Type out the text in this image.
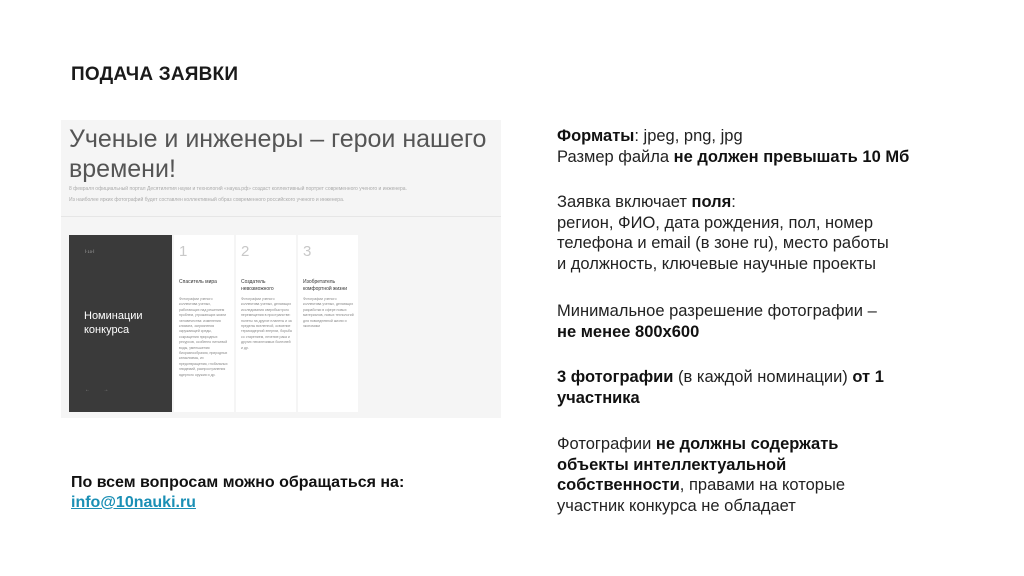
ПОДАЧА ЗАЯВКИ
Ученые и инженеры – герои нашего времени!
8 февраля официальный портал Десятилетия науки и технологий «наука.рф» создаст коллективный портрет современного ученого и инженера.
Из наиболее ярких фотографий будет составлен коллективный образ современного российского ученого и инженера.
Ⅰ·10·Ⅰ
Номинации конкурса
← →
1
Спаситель мира
Фотографии ученого коллектива ученых, работающих над решением проблем, угрожающих жизни человечества: изменения климата, загрязнения окружающей среды, сокращения природных ресурсов, особенно питьевой воды, уменьшения биоразнообразия, природных катаклизмы, их предотвращения, глобальных эпидемий, распространения ядерного оружия и др.
2
Создатель невозможного
Фотографии ученого коллектива ученых, делающих исследования сверхбыстрого перемещения в пространстве: полеты на другие планеты и за пределы вселенной, освоение термоядерной энергии, борьба со старением, лечение рака и других неизлечимых болезней и др.
3
Изобретатель комфортной жизни
Фотографии ученого коллектива ученых, делающих разработки в сфере новых материалов, новых технологий для повседневной жизни и экономики
Форматы: jpeg, png, jpg
Размер файла не должен превышать 10 Мб
Заявка включает поля:
регион, ФИО, дата рождения, пол, номер
телефона и email (в зоне ru), место работы
и должность, ключевые научные проекты
Минимальное разрешение фотографии –
не менее 800х600
3 фотографии (в каждой номинации) от 1
участника
Фотографии не должны содержать
объекты интеллектуальной
собственности, правами на которые
участник конкурса не обладает
По всем вопросам можно обращаться на:
info@10nauki.ru
